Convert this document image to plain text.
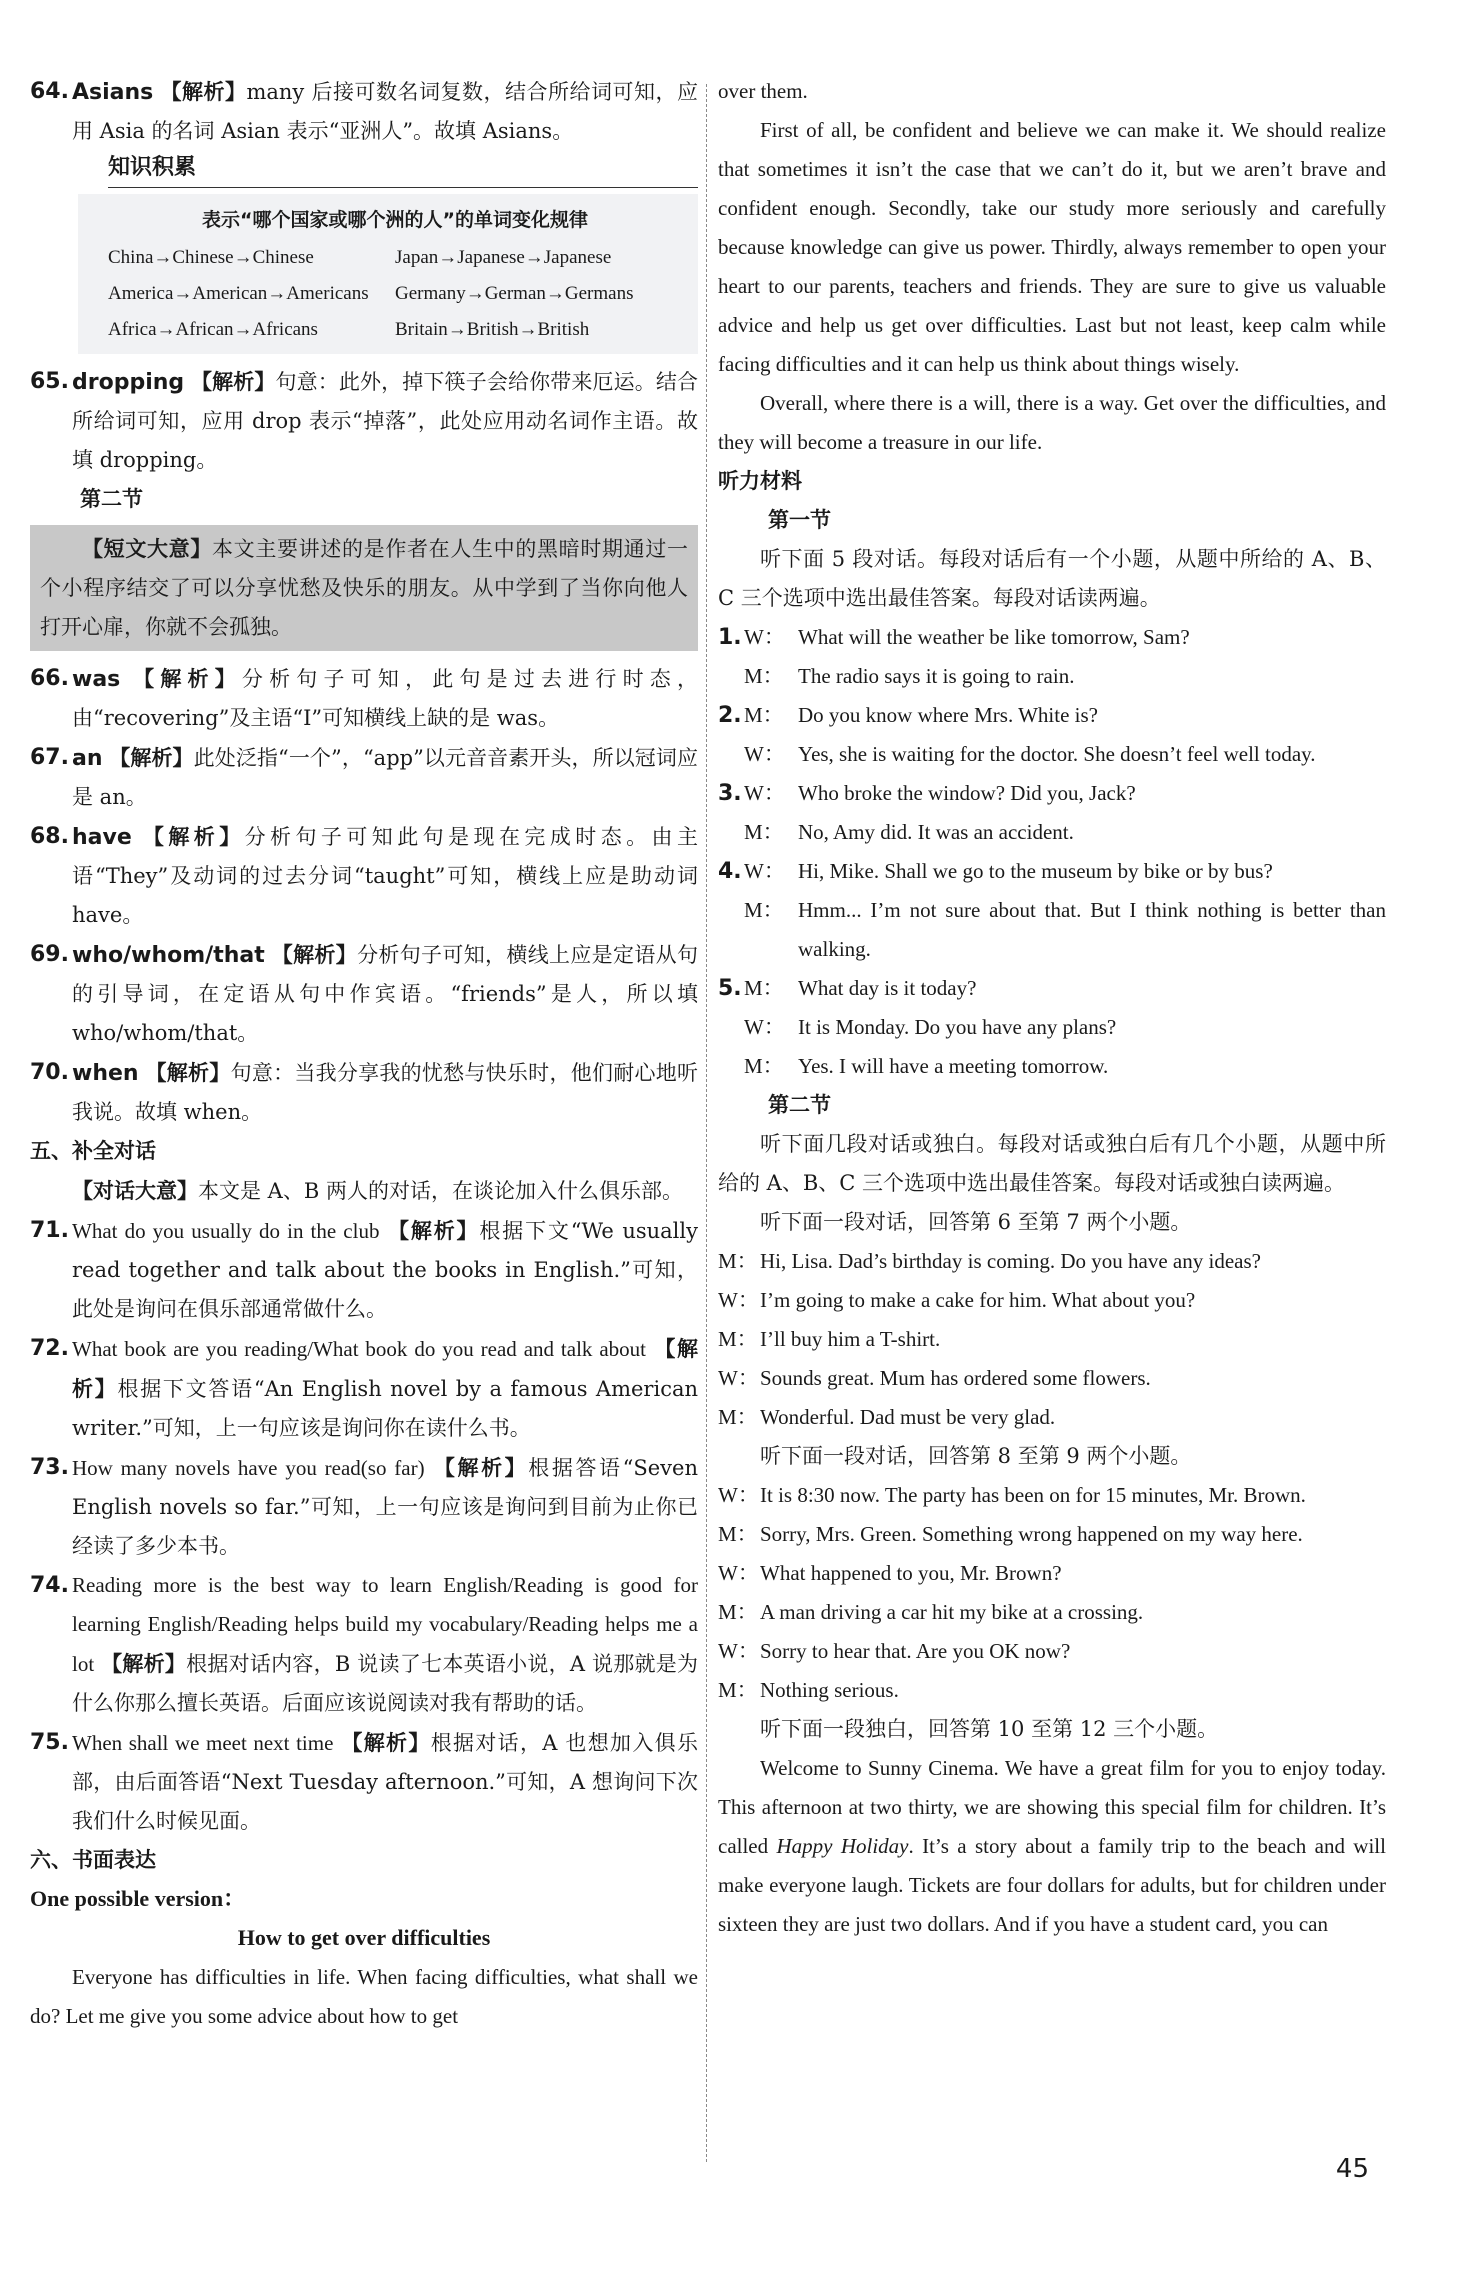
64. Asians 【解析】many 后接可数名词复数，结合所给词可知，应用 Asia 的名词 Asian 表示“亚洲人”。故填 Asians。
知识积累
表示“哪个国家或哪个洲的人”的单词变化规律
China→Chinese→Chinese	Japan→Japanese→Japanese
America→American→Americans	Germany→German→Germans
Africa→African→Africans	Britain→British→British
65. dropping 【解析】句意：此外，掉下筷子会给你带来厄运。结合所给词可知，应用 drop 表示“掉落”，此处应用动名词作主语。故填 dropping。
第二节

【短文大意】本文主要讲述的是作者在人生中的黑暗时期通过一个小程序结交了可以分享忧愁及快乐的朋友。从中学到了当你向他人打开心扉，你就不会孤独。

66. was 【解析】分析句子可知，此句是过去进行时态，由“recovering”及主语“I”可知横线上缺的是 was。
67. an 【解析】此处泛指“一个”，“app”以元音音素开头，所以冠词应是 an。
68. have 【解析】分析句子可知此句是现在完成时态。由主语“They”及动词的过去分词“taught”可知，横线上应是助动词 have。
69. who/whom/that 【解析】分析句子可知，横线上应是定语从句的引导词，在定语从句中作宾语。“friends”是人，所以填 who/whom/that。
70. when 【解析】句意：当我分享我的忧愁与快乐时，他们耐心地听我说。故填 when。
五、补全对话

【对话大意】本文是 A、B 两人的对话，在谈论加入什么俱乐部。

71. What do you usually do in the club 【解析】根据下文“We usually read together and talk about the books in English.”可知，此处是询问在俱乐部通常做什么。
72. What book are you reading/What book do you read and talk about 【解析】根据下文答语“An English novel by a famous American writer.”可知，上一句应该是询问你在读什么书。
73. How many novels have you read(so far) 【解析】根据答语“Seven English novels so far.”可知，上一句应该是询问到目前为止你已经读了多少本书。
74. Reading more is the best way to learn English/Reading is good for learning English/Reading helps build my vocabulary/Reading helps me a lot 【解析】根据对话内容，B 说读了七本英语小说，A 说那就是为什么你那么擅长英语。后面应该说阅读对我有帮助的话。
75. When shall we meet next time 【解析】根据对话，A 也想加入俱乐部，由后面答语“Next Tuesday afternoon.”可知，A 想询问下次我们什么时候见面。
六、书面表达
One possible version：
How to get over difficulties

Everyone has difficulties in life. When facing difficulties, what shall we do? Let me give you some advice about how to get

over them.

First of all, be confident and believe we can make it. We should realize that sometimes it isn’t the case that we can’t do it, but we aren’t brave and confident enough. Secondly, take our study more seriously and carefully because knowledge can give us power. Thirdly, always remember to open your heart to our parents, teachers and friends. They are sure to give us valuable advice and help us get over difficulties. Last but not least, keep calm while facing difficulties and it can help us think about things wisely.

Overall, where there is a will, there is a way. Get over the difficulties, and they will become a treasure in our life.

听力材料
第一节

听下面 5 段对话。每段对话后有一个小题，从题中所给的 A、B、C 三个选项中选出最佳答案。每段对话读两遍。

1. W： What will the weather be like tomorrow, Sam?
M： The radio says it is going to rain.
2. M： Do you know where Mrs. White is?
W： Yes, she is waiting for the doctor. She doesn’t feel well today.
3. W： Who broke the window? Did you, Jack?
M： No, Amy did. It was an accident.
4. W： Hi, Mike. Shall we go to the museum by bike or by bus?
M： Hmm... I’m not sure about that. But I think nothing is better than walking.
5. M： What day is it today?
W： It is Monday. Do you have any plans?
M： Yes. I will have a meeting tomorrow.
第二节

听下面几段对话或独白。每段对话或独白后有几个小题，从题中所给的 A、B、C 三个选项中选出最佳答案。每段对话或独白读两遍。

听下面一段对话，回答第 6 至第 7 两个小题。

M： Hi, Lisa. Dad’s birthday is coming. Do you have any ideas?
W： I’m going to make a cake for him. What about you?
M： I’ll buy him a T-shirt.
W： Sounds great. Mum has ordered some flowers.
M： Wonderful. Dad must be very glad.

听下面一段对话，回答第 8 至第 9 两个小题。

W： It is 8:30 now. The party has been on for 15 minutes, Mr. Brown.
M： Sorry, Mrs. Green. Something wrong happened on my way here.
W： What happened to you, Mr. Brown?
M： A man driving a car hit my bike at a crossing.
W： Sorry to hear that. Are you OK now?
M： Nothing serious.

听下面一段独白，回答第 10 至第 12 三个小题。

Welcome to Sunny Cinema. We have a great film for you to enjoy today. This afternoon at two thirty, we are showing this special film for children. It’s called Happy Holiday. It’s a story about a family trip to the beach and will make everyone laugh. Tickets are four dollars for adults, but for children under sixteen they are just two dollars. And if you have a student card, you can

45
